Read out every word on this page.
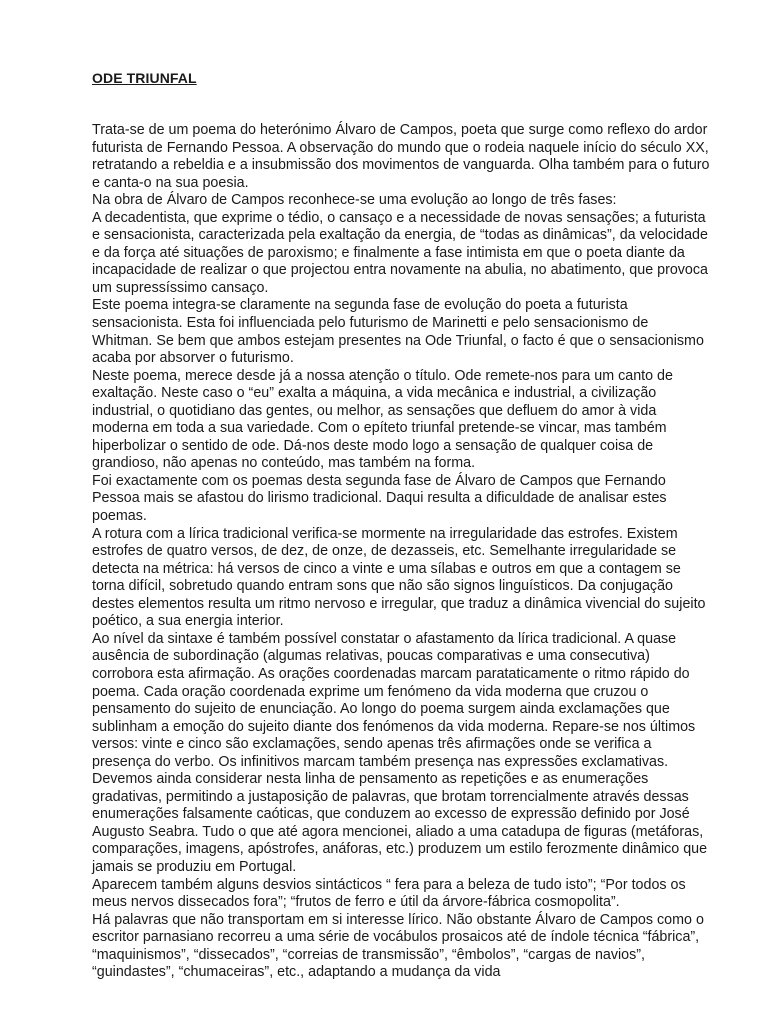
ODE TRIUNFAL

Trata-se de um poema do heterónimo Álvaro de Campos, poeta que surge como reflexo do ardor futurista de Fernando Pessoa. A observação do mundo que o rodeia naquele início do século XX, retratando a rebeldia e a insubmissão dos movimentos de vanguarda. Olha também para o futuro e canta-o na sua poesia.

Na obra de Álvaro de Campos reconhece-se uma evolução ao longo de três fases:

A decadentista, que exprime o tédio, o cansaço e a necessidade de novas sensações; a futurista e sensacionista, caracterizada pela exaltação da energia, de “todas as dinâmicas”, da velocidade e da força até situações de paroxismo; e finalmente a fase intimista em que o poeta diante da incapacidade de realizar o que projectou entra novamente na abulia, no abatimento, que provoca um supressíssimo cansaço.

Este poema integra-se claramente na segunda fase de evolução do poeta a futurista sensacionista. Esta foi influenciada pelo futurismo de Marinetti e pelo sensacionismo de Whitman. Se bem que ambos estejam presentes na Ode Triunfal, o facto é que o sensacionismo acaba por absorver o futurismo.

Neste poema, merece desde já a nossa atenção o título. Ode remete-nos para um canto de exaltação. Neste caso o “eu” exalta a máquina, a vida mecânica e industrial, a civilização industrial, o quotidiano das gentes, ou melhor, as sensações que defluem do amor à vida moderna em toda a sua variedade. Com o epíteto triunfal pretende-se vincar, mas também hiperbolizar o sentido de ode. Dá-nos deste modo logo a sensação de qualquer coisa de grandioso, não apenas no conteúdo, mas também na forma.

Foi exactamente com os poemas desta segunda fase de Álvaro de Campos que Fernando Pessoa mais se afastou do lirismo tradicional. Daqui resulta a dificuldade de analisar estes poemas.

A rotura com a lírica tradicional verifica-se mormente na irregularidade das estrofes. Existem estrofes de quatro versos, de dez, de onze, de dezasseis, etc. Semelhante irregularidade se detecta na métrica: há versos de cinco a vinte e uma sílabas e outros em que a contagem se torna difícil, sobretudo quando entram sons que não são signos linguísticos. Da conjugação destes elementos resulta um ritmo nervoso e irregular, que traduz a dinâmica vivencial do sujeito poético, a sua energia interior.

Ao nível da sintaxe é também possível constatar o afastamento da lírica tradicional. A quase ausência de subordinação (algumas relativas, poucas comparativas e uma consecutiva) corrobora esta afirmação. As orações coordenadas marcam parataticamente o ritmo rápido do poema. Cada oração coordenada exprime um fenómeno da vida moderna que cruzou o pensamento do sujeito de enunciação. Ao longo do poema surgem ainda exclamações que sublinham a emoção do sujeito diante dos fenómenos da vida moderna. Repare-se nos últimos versos: vinte e cinco são exclamações, sendo apenas três afirmações onde se verifica a presença do verbo. Os infinitivos marcam também presença nas expressões exclamativas. Devemos ainda considerar nesta linha de pensamento as repetições e as enumerações gradativas, permitindo a justaposição de palavras, que brotam torrencialmente através dessas enumerações falsamente caóticas, que conduzem ao excesso de expressão definido por José Augusto Seabra. Tudo o que até agora mencionei, aliado a uma catadupa de figuras (metáforas, comparações, imagens, apóstrofes, anáforas, etc.) produzem um estilo ferozmente dinâmico que jamais se produziu em Portugal.

Aparecem também alguns desvios sintácticos “ fera para a beleza de tudo isto”; “Por todos os meus nervos dissecados fora”; “frutos de ferro e útil da árvore-fábrica cosmopolita”.

Há palavras que não transportam em si interesse lírico. Não obstante Álvaro de Campos como o escritor parnasiano recorreu a uma série de vocábulos prosaicos até de índole técnica “fábrica”, “maquinismos”, “dissecados”, “correias de transmissão”, “êmbolos”, “cargas de navios”, “guindastes”, “chumaceiras”, etc., adaptando a mudança da vida
